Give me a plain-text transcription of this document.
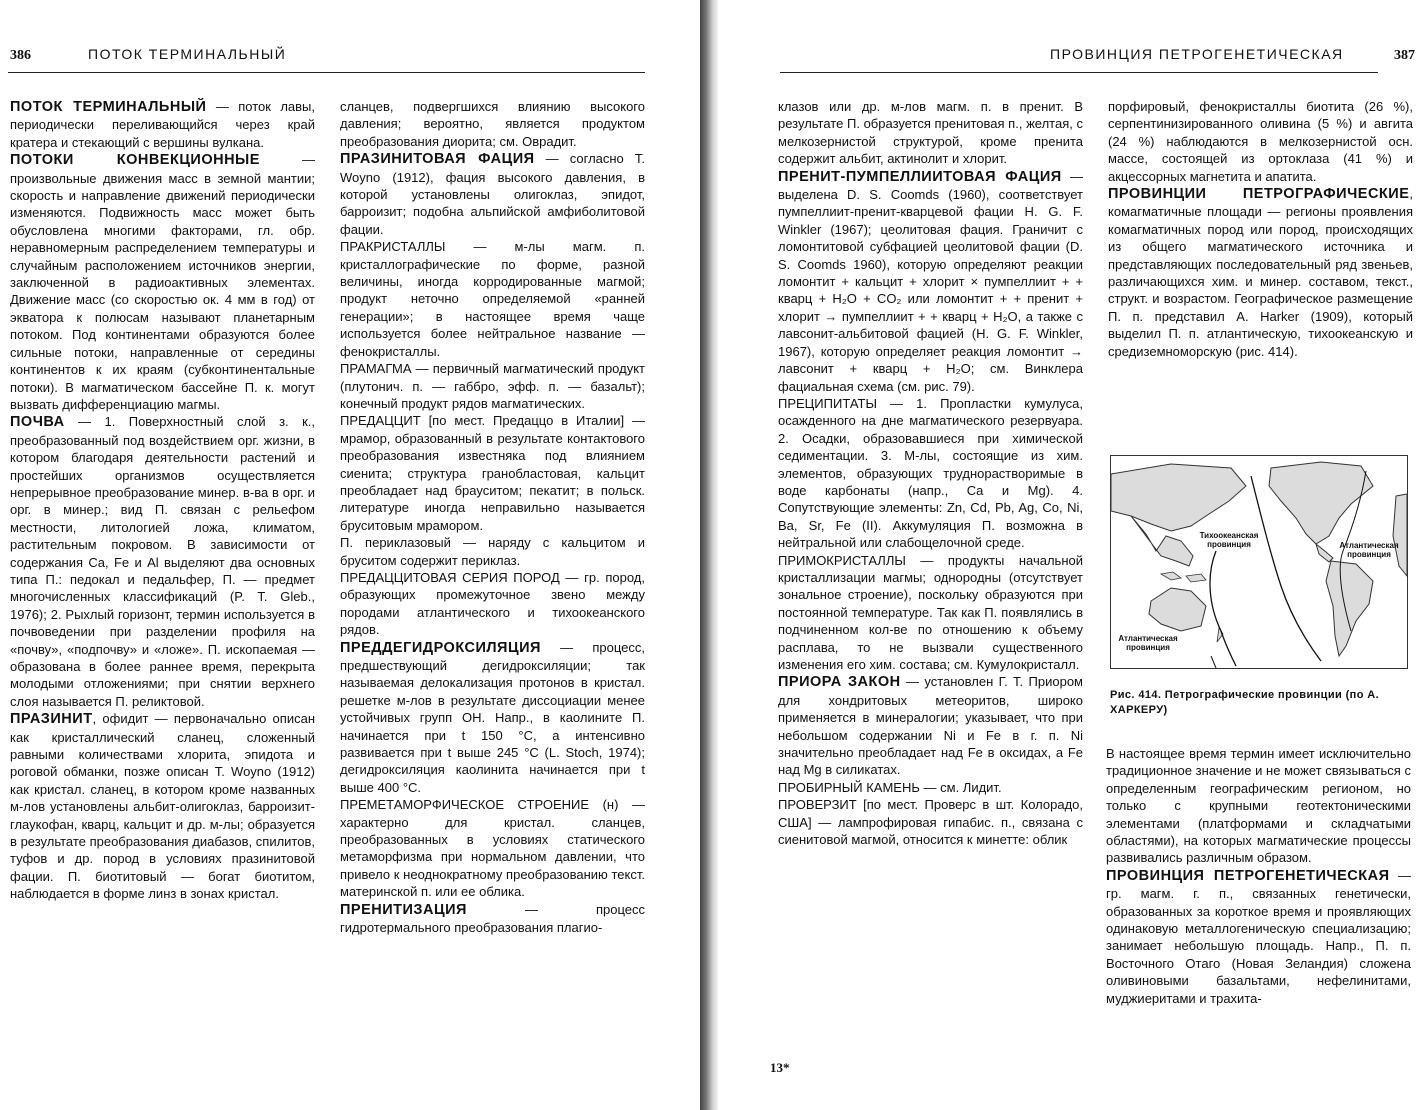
386	ПОТОК ТЕРМИНАЛЬНЫЙ

ПОТОК ТЕРМИНАЛЬНЫЙ — поток лавы, периодически переливающийся через край кратера и стекающий с вершины вулкана.

ПОТОКИ КОНВЕКЦИОННЫЕ — произвольные движения масс в земной мантии; скорость и направление движений периодически изменяются. Подвижность масс может быть обусловлена многими факторами, гл. обр. неравномерным распределением температуры и случайным расположением источников энергии, заключенной в радиоактивных элементах. Движение масс (со скоростью ок. 4 мм в год) от экватора к полюсам называют планетарным потоком. Под континентами образуются более сильные потоки, направленные от середины континентов к их краям (субконтинентальные потоки). В магматическом бассейне П. к. могут вызвать дифференциацию магмы.

ПОЧВА — 1. Поверхностный слой з. к., преобразованный под воздействием орг. жизни, в котором благодаря деятельности растений и простейших организмов осуществляется непрерывное преобразование минер. в-ва в орг. и орг. в минер.; вид П. связан с рельефом местности, литологией ложа, климатом, растительным покровом. В зависимости от содержания Ca, Fe и Al выделяют два основных типа П.: педокал и педальфер, П. — предмет многочисленных классификаций (P. T. Gleb., 1976); 2. Рыхлый горизонт, термин используется в почвоведении при разделении профиля на «почву», «подпочву» и «ложе». П. ископаемая — образована в более раннее время, перекрыта молодыми отложениями; при снятии верхнего слоя называется П. реликтовой.

ПРАЗИНИТ, офидит — первоначально описан как кристаллический сланец, сложенный равными количествами хлорита, эпидота и роговой обманки, позже описан T. Woyno (1912) как кристал. сланец, в котором кроме названных м-лов установлены альбит-олигоклаз, барроизит-глаукофан, кварц, кальцит и др. м-лы; образуется в результате преобразования диабазов, спилитов, туфов и др. пород в условиях празинитовой фации. П. биотитовый — богат биотитом, наблюдается в форме линз в зонах кристал.

сланцев, подвергшихся влиянию высокого давления; вероятно, является продуктом преобразования диорита; см. Оврадит.

ПРАЗИНИТОВАЯ ФАЦИЯ — согласно T. Woyno (1912), фация высокого давления, в которой установлены олигоклаз, эпидот, барроизит; подобна альпийской амфиболитовой фации.

ПРАКРИСТАЛЛЫ — м-лы магм. п. кристаллографические по форме, разной величины, иногда корродированные магмой; продукт неточно определяемой «ранней генерации»; в настоящее время чаще используется более нейтральное название — фенокристаллы.

ПРАМАГМА — первичный магматический продукт (плутонич. п. — габбро, эфф. п. — базальт); конечный продукт рядов магматических.

ПРЕДАЦЦИТ [по мест. Предаццо в Италии] — мрамор, образованный в результате контактового преобразования известняка под влиянием сиенита; структура гранобластовая, кальцит преобладает над брауситом; пекатит; в польск. литературе иногда неправильно называется бруситовым мрамором.

П. периклазовый — наряду с кальцитом и бруситом содержит периклаз.

ПРЕДАЦЦИТОВАЯ СЕРИЯ ПОРОД — гр. пород, образующих промежуточное звено между породами атлантического и тихоокеанского рядов.

ПРЕДДЕГИДРОКСИЛЯЦИЯ — процесс, предшествующий дегидроксиляции; так называемая делокализация протонов в кристал. решетке м-лов в результате диссоциации менее устойчивых групп OH. Напр., в каолините П. начинается при t 150 °C, а интенсивно развивается при t выше 245 °C (L. Stoch, 1974); дегидроксиляция каолинита начинается при t выше 400 °C.

ПРЕМЕТАМОРФИЧЕСКОЕ СТРОЕНИЕ (н) — характерно для кристал. сланцев, преобразованных в условиях статического метаморфизма при нормальном давлении, что привело к неоднократному преобразованию текст. материнской п. или ее облика.

ПРЕНИТИЗАЦИЯ — процесс гидротермального преобразования плагио-

ПРОВИНЦИЯ ПЕТРОГЕНЕТИЧЕСКАЯ	387

клазов или др. м-лов магм. п. в пренит. В результате П. образуется пренитовая п., желтая, с мелкозернистой структурой, кроме пренита содержит альбит, актинолит и хлорит.

ПРЕНИТ-ПУМПЕЛЛИИТОВАЯ ФАЦИЯ — выделена D. S. Coomds (1960), соответствует пумпеллиит-пренит-кварцевой фации H. G. F. Winkler (1967); цеолитовая фация. Граничит с ломонтитовой субфацией цеолитовой фации (D. S. Coomds 1960), которую определяют реакции ломонтит + кальцит + хлорит × пумпеллиит + + кварц + H₂O + CO₂ или ломонтит + + пренит + хлорит → пумпеллиит + + кварц + H₂O, а также с лавсонит-альбитовой фацией (H. G. F. Winkler, 1967), которую определяет реакция ломонтит → лавсонит + кварц + H₂O; см. Винклера фациальная схема (см. рис. 79).

ПРЕЦИПИТАТЫ — 1. Пропластки кумулуса, осажденного на дне магматического резервуара. 2. Осадки, образовавшиеся при химической седиментации. 3. М-лы, состоящие из хим. элементов, образующих труднорастворимые в воде карбонаты (напр., Ca и Mg). 4. Сопутствующие элементы: Zn, Cd, Pb, Ag, Co, Ni, Ba, Sr, Fe (II). Аккумуляция П. возможна в нейтральной или слабощелочной среде.

ПРИМОКРИСТАЛЛЫ — продукты начальной кристаллизации магмы; однородны (отсутствует зональное строение), поскольку образуются при постоянной температуре. Так как П. появлялись в подчиненном кол-ве по отношению к объему расплава, то не вызвали существенного изменения его хим. состава; см. Кумулокристалл.

ПРИОРА ЗАКОН — установлен Г. Т. Приором для хондритовых метеоритов, широко применяется в минералогии; указывает, что при небольшом содержании Ni и Fe в г. п. Ni значительно преобладает над Fe в оксидах, а Fe над Mg в силикатах.

ПРОБИРНЫЙ КАМЕНЬ — см. Лидит.

ПРОВЕРЗИТ [по мест. Проверс в шт. Колорадо, США] — лампрофировая гипабис. п., связана с сиенитовой магмой, относится к минетте: облик

порфировый, фенокристаллы биотита (26 %), серпентинизированного оливина (5 %) и авгита (24 %) наблюдаются в мелкозернистой осн. массе, состоящей из ортоклаза (41 %) и акцессорных магнетита и апатита.

ПРОВИНЦИИ ПЕТРОГРАФИЧЕСКИЕ, комагматичные площади — регионы проявления комагматичных пород или пород, происходящих из общего магматического источника и представляющих последовательный ряд звеньев, различающихся хим. и минер. составом, текст., структ. и возрастом. Географическое размещение П. п. представил A. Harker (1909), который выделил П. п. атлантическую, тихоокеанскую и средиземноморскую (рис. 414).

Тихоокеанская провинция	Атлантическая провинция
Атлантическая провинция
Рис. 414. Петрографические провинции (по А. ХАРКЕРУ)

В настоящее время термин имеет исключительно традиционное значение и не может связываться с определенным географическим регионом, но только с крупными геотектоническими элементами (платформами и складчатыми областями), на которых магматические процессы развивались различным образом.

ПРОВИНЦИЯ ПЕТРОГЕНЕТИЧЕСКАЯ — гр. магм. г. п., связанных генетически, образованных за короткое время и проявляющих одинаковую металлогеническую специализацию; занимает небольшую площадь. Напр., П. п. Восточного Отаго (Новая Зеландия) сложена оливиновыми базальтами, нефелинитами, муджиеритами и трахита-

13*
